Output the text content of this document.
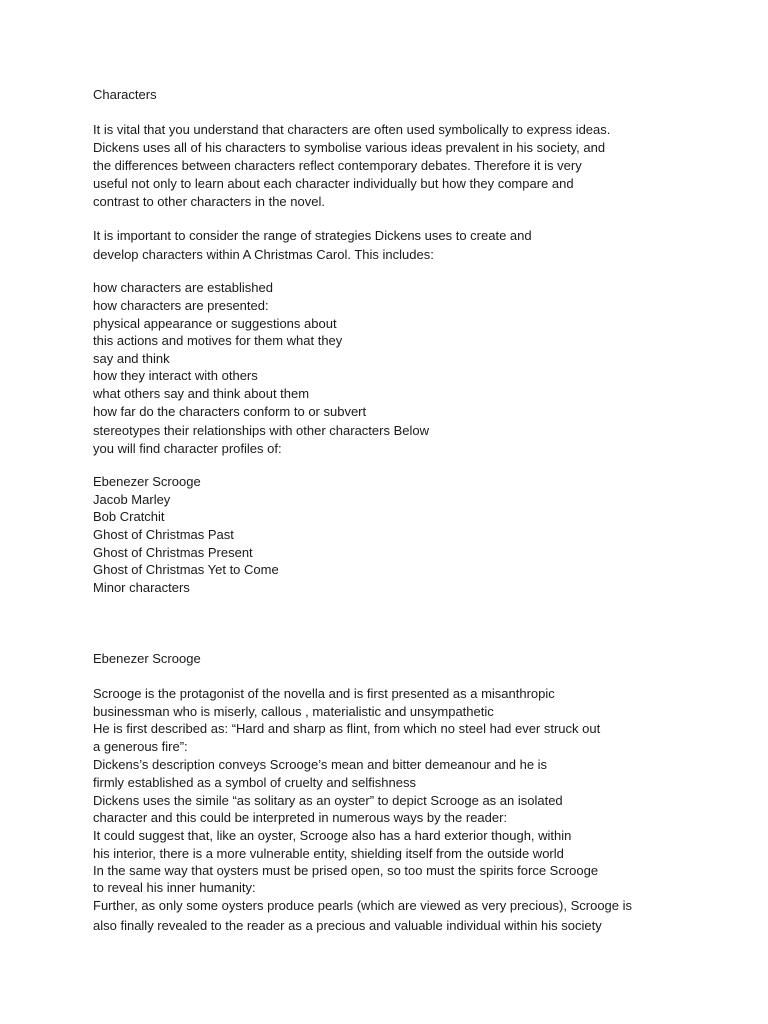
Characters

It is vital that you understand that characters are often used symbolically to express ideas.

Dickens uses all of his characters to symbolise various ideas prevalent in his society, and

the differences between characters reflect contemporary debates. Therefore it is very

useful not only to learn about each character individually but how they compare and

contrast to other characters in the novel.

It is important to consider the range of strategies Dickens uses to create and

develop characters within A Christmas Carol. This includes:

how characters are established

how characters are presented:

physical appearance or suggestions about

this actions and motives for them what they

say and think

how they interact with others

what others say and think about them

how far do the characters conform to or subvert

stereotypes their relationships with other characters Below

you will find character profiles of:

Ebenezer Scrooge

Jacob Marley

Bob Cratchit

Ghost of Christmas Past

Ghost of Christmas Present

Ghost of Christmas Yet to Come

Minor characters

Ebenezer Scrooge

Scrooge is the protagonist of the novella and is first presented as a misanthropic

businessman who is miserly, callous , materialistic and unsympathetic

He is first described as: “Hard and sharp as flint, from which no steel had ever struck out

a generous fire”:

Dickens’s description conveys Scrooge’s mean and bitter demeanour and he is

firmly established as a symbol of cruelty and selfishness

Dickens uses the simile “as solitary as an oyster” to depict Scrooge as an isolated

character and this could be interpreted in numerous ways by the reader:

It could suggest that, like an oyster, Scrooge also has a hard exterior though, within

his interior, there is a more vulnerable entity, shielding itself from the outside world

In the same way that oysters must be prised open, so too must the spirits force Scrooge

to reveal his inner humanity:

Further, as only some oysters produce pearls (which are viewed as very precious), Scrooge is

also finally revealed to the reader as a precious and valuable individual within his society
